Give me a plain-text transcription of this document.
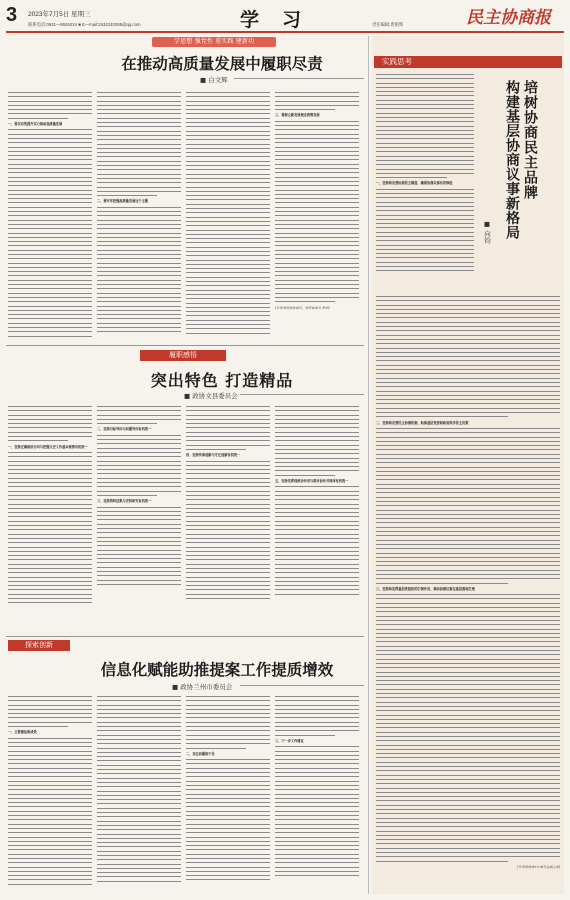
3 2023年7月5日 星期三
联系电话:0931—8926234 ■ E—mail:2632240285@qq.com	学　习	民主协商报
责任编辑:唐银辉
学思想 强党性 重实践 建新功
在推动高质量发展中履职尽责
■ 白文辉
一、要以有效提升实力推动高质量发展
二、要牢牢把握高质量发展这个主题
三、要树立新发展理念统筹发展
(作者系省政协委员、省民委委员 贵州)
履职感悟
突出特色 打造精品
■ 政协文县委员会
一、坚持正确政治方向与把握文史工作基本规律有机统一
二、坚持目标导向与问题导向有机统一
三、坚持资料征集与史料研究有机统一
四、坚持传承创新与守正创新有机统一
五、坚持发挥现政协作用与联合协作共同体有机统一
探索创新
信息化赋能助推提案工作提质增效
■ 政协兰州市委员会
一、主要做法和成效
二、存在问题和不足
三、下一步工作建议
实践思考
培树协商民主品牌
构建基层协商议事新格局
■ 向钧
一、坚持和完善协商民主制度，确保协商议事有序推进
二、坚持和完善民主协商机制，助推基层党委和政府科学民主决策
三、坚持和发挥基层党组织的引领作用，推动协商议事在基层落地生根
(作者系政协××委员会副主席)
